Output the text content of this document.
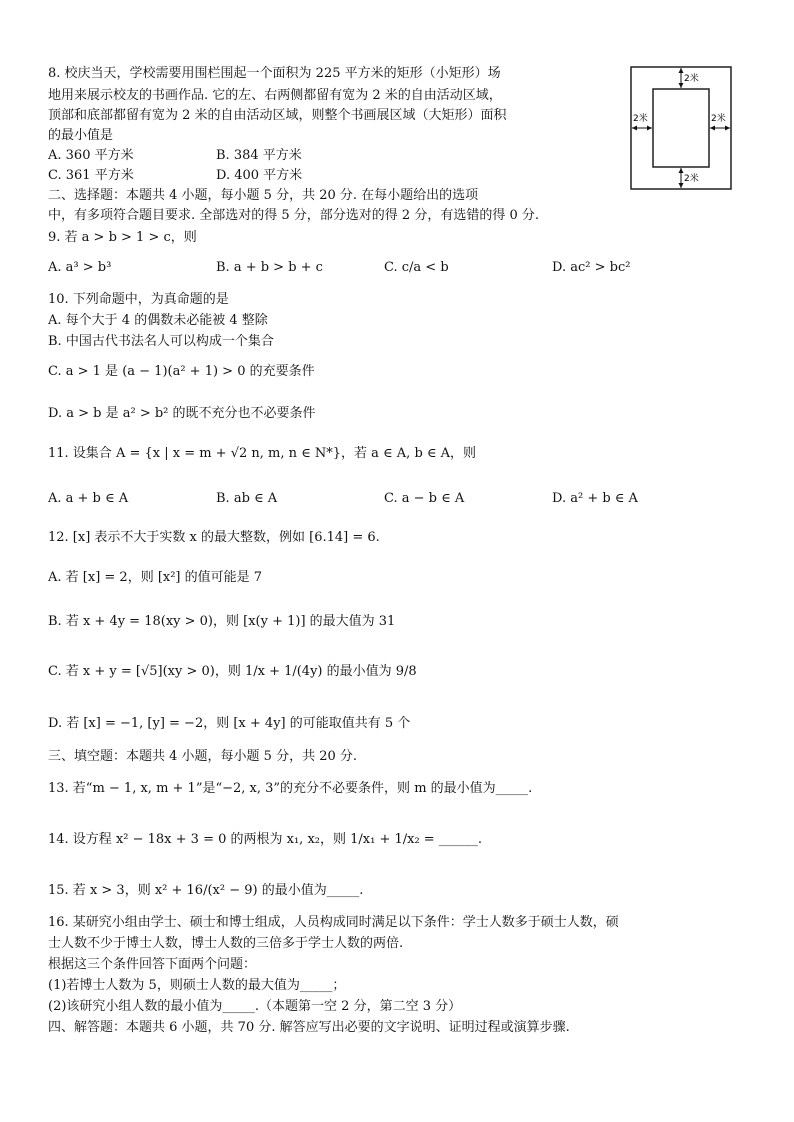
8. 校庆当天，学校需要用围栏围起一个面积为 225 平方米的矩形（小矩形）场
地用来展示校友的书画作品. 它的左、右两侧都留有宽为 2 米的自由活动区域，
顶部和底部都留有宽为 2 米的自由活动区域，则整个书画展区域（大矩形）面积
的最小值是
A. 360 平方米	B. 384 平方米
C. 361 平方米	D. 400 平方米
2米
2米
2米	2米
二、选择题：本题共 4 小题，每小题 5 分，共 20 分. 在每小题给出的选项
中，有多项符合题目要求. 全部选对的得 5 分，部分选对的得 2 分，有选错的得 0 分.
9. 若 a > b > 1 > c，则
A. a³ > b³	B. a + b > b + c	C. c/a < b	D. ac² > bc²
10. 下列命题中，为真命题的是
A. 每个大于 4 的偶数未必能被 4 整除
B. 中国古代书法名人可以构成一个集合
C. a > 1 是 (a − 1)(a² + 1) > 0 的充要条件
D. a > b 是 a² > b² 的既不充分也不必要条件
11. 设集合 A = {x | x = m + √2 n, m, n ∈ N*}，若 a ∈ A, b ∈ A，则
A. a + b ∈ A	B. ab ∈ A	C. a − b ∈ A	D. a² + b ∈ A
12. [x] 表示不大于实数 x 的最大整数，例如 [6.14] = 6.
A. 若 [x] = 2，则 [x²] 的值可能是 7
B. 若 x + 4y = 18(xy > 0)，则 [x(y + 1)] 的最大值为 31
C. 若 x + y = [√5](xy > 0)，则 1/x + 1/(4y) 的最小值为 9/8
D. 若 [x] = −1, [y] = −2，则 [x + 4y] 的可能取值共有 5 个
三、填空题：本题共 4 小题，每小题 5 分，共 20 分.
13. 若“m − 1, x, m + 1”是“−2, x, 3”的充分不必要条件，则 m 的最小值为_____.
14. 设方程 x² − 18x + 3 = 0 的两根为 x₁, x₂，则 1/x₁ + 1/x₂ = ______.
15. 若 x > 3，则 x² + 16/(x² − 9) 的最小值为_____.
16. 某研究小组由学士、硕士和博士组成，人员构成同时满足以下条件：学士人数多于硕士人数，硕
士人数不少于博士人数，博士人数的三倍多于学士人数的两倍.
根据这三个条件回答下面两个问题：
(1)若博士人数为 5，则硕士人数的最大值为_____；
(2)该研究小组人数的最小值为_____.（本题第一空 2 分，第二空 3 分）
四、解答题：本题共 6 小题，共 70 分. 解答应写出必要的文字说明、证明过程或演算步骤.
